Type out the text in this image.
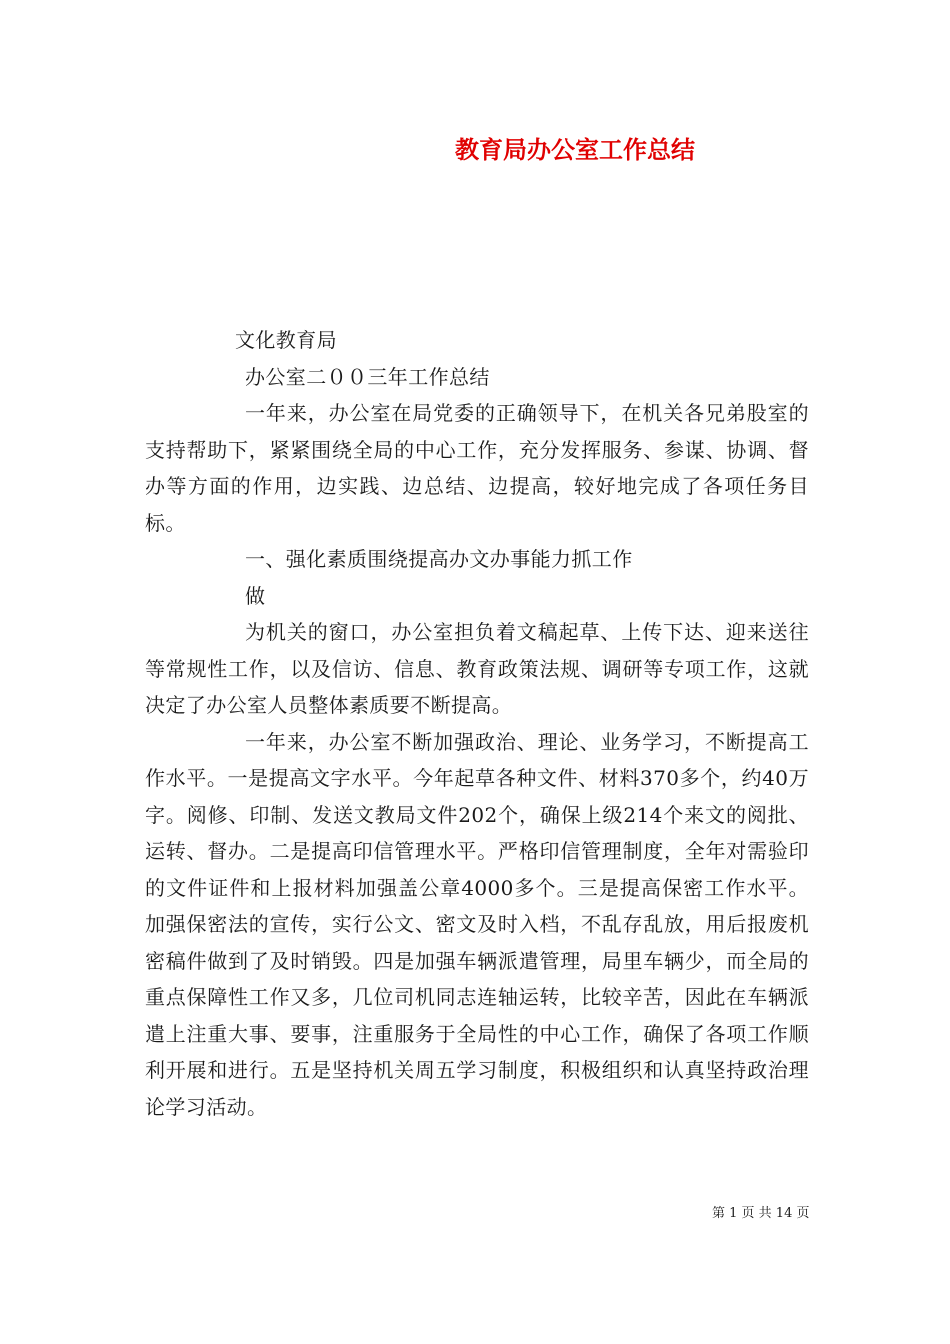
教育局办公室工作总结
文化教育局
办公室二００三年工作总结

一年来，办公室在局党委的正确领导下，在机关各兄弟股室的支持帮助下，紧紧围绕全局的中心工作，充分发挥服务、参谋、协调、督办等方面的作用，边实践、边总结、边提高，较好地完成了各项任务目标。

一、强化素质围绕提高办文办事能力抓工作
做

为机关的窗口，办公室担负着文稿起草、上传下达、迎来送往等常规性工作，以及信访、信息、教育政策法规、调研等专项工作，这就决定了办公室人员整体素质要不断提高。

一年来，办公室不断加强政治、理论、业务学习，不断提高工作水平。一是提高文字水平。今年起草各种文件、材料370多个，约40万字。阅修、印制、发送文教局文件202个，确保上级214个来文的阅批、运转、督办。二是提高印信管理水平。严格印信管理制度，全年对需验印的文件证件和上报材料加强盖公章4000多个。三是提高保密工作水平。加强保密法的宣传，实行公文、密文及时入档，不乱存乱放，用后报废机密稿件做到了及时销毁。四是加强车辆派遣管理，局里车辆少，而全局的重点保障性工作又多，几位司机同志连轴运转，比较辛苦，因此在车辆派遣上注重大事、要事，注重服务于全局性的中心工作，确保了各项工作顺利开展和进行。五是坚持机关周五学习制度，积极组织和认真坚持政治理论学习活动。

第 1 页 共 14 页
